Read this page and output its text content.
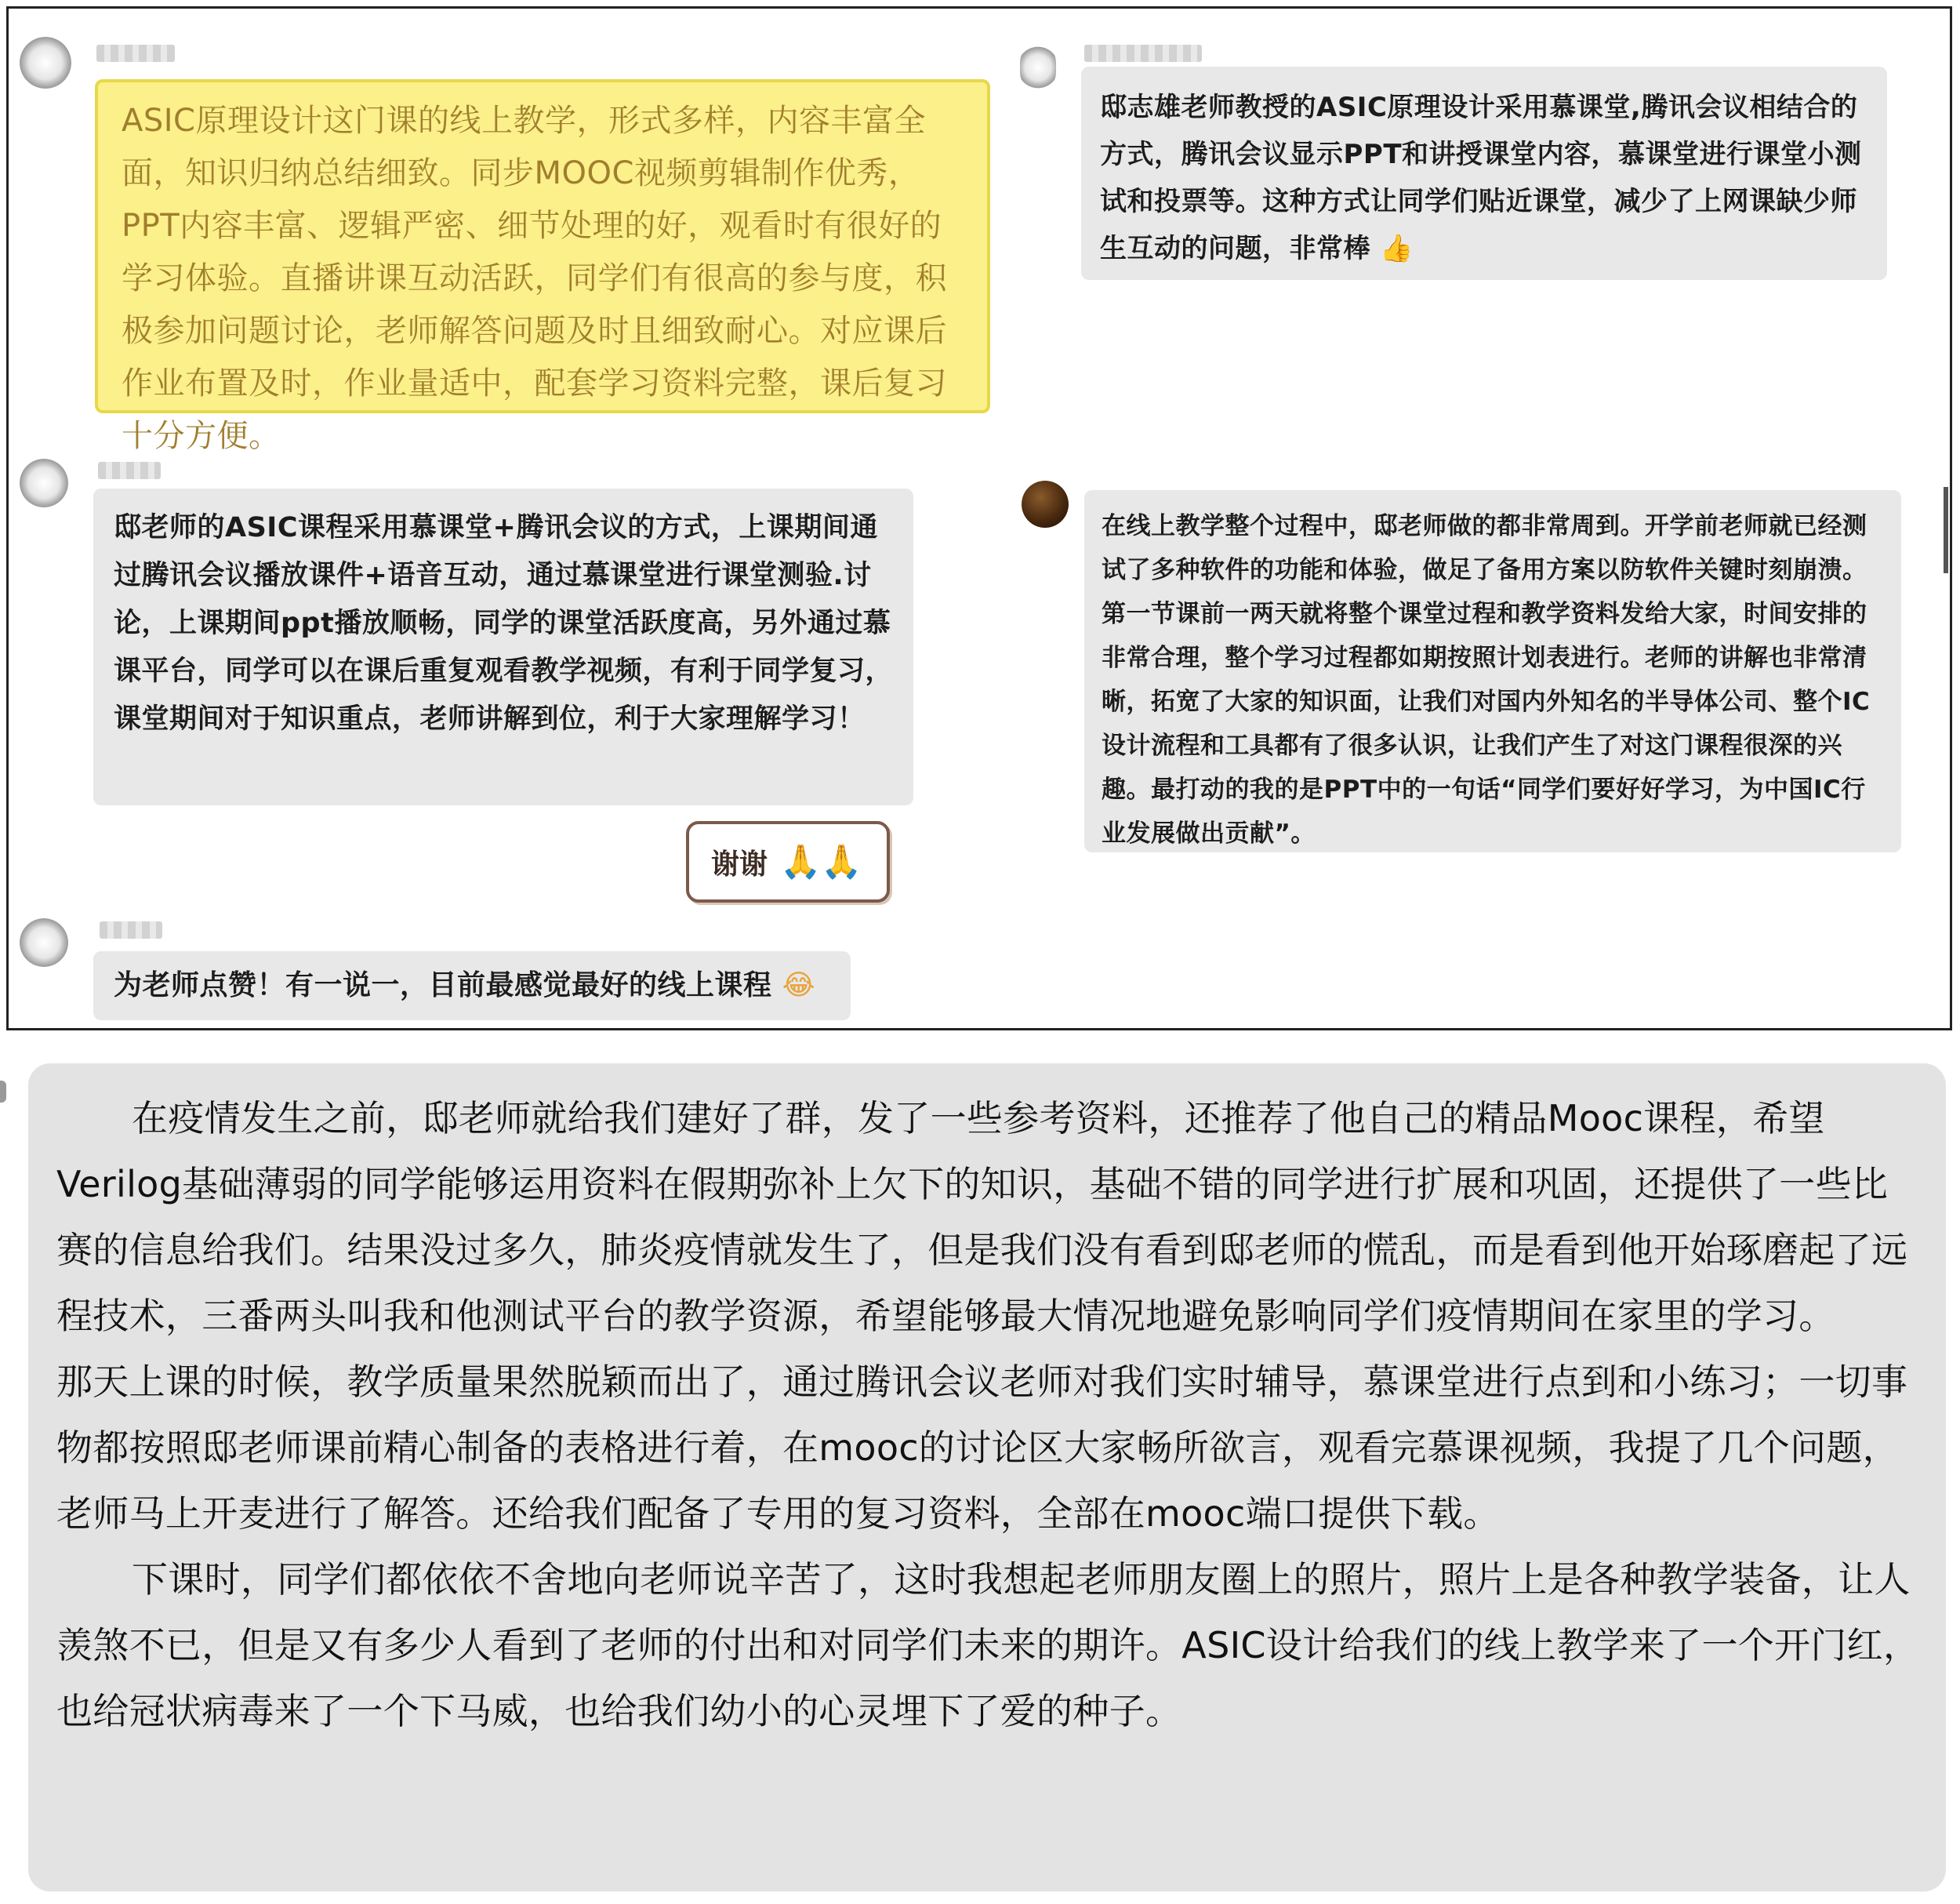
ASIC原理设计这门课的线上教学，形式多样，内容丰富全面，知识归纳总结细致。同步MOOC视频剪辑制作优秀，PPT内容丰富、逻辑严密、细节处理的好，观看时有很好的学习体验。直播讲课互动活跃，同学们有很高的参与度，积极参加问题讨论，老师解答问题及时且细致耐心。对应课后作业布置及时，作业量适中，配套学习资料完整，课后复习十分方便。
邸志雄老师教授的ASIC原理设计采用慕课堂,腾讯会议相结合的方式，腾讯会议显示PPT和讲授课堂内容，慕课堂进行课堂小测试和投票等。这种方式让同学们贴近课堂，减少了上网课缺少师生互动的问题，非常棒 👍
邸老师的ASIC课程采用慕课堂+腾讯会议的方式，上课期间通过腾讯会议播放课件+语音互动，通过慕课堂进行课堂测验.讨论，上课期间ppt播放顺畅，同学的课堂活跃度高，另外通过慕课平台，同学可以在课后重复观看教学视频，有利于同学复习，课堂期间对于知识重点，老师讲解到位，利于大家理解学习！
谢谢 🙏🙏
在线上教学整个过程中，邸老师做的都非常周到。开学前老师就已经测试了多种软件的功能和体验，做足了备用方案以防软件关键时刻崩溃。第一节课前一两天就将整个课堂过程和教学资料发给大家，时间安排的非常合理，整个学习过程都如期按照计划表进行。老师的讲解也非常清晰，拓宽了大家的知识面，让我们对国内外知名的半导体公司、整个IC设计流程和工具都有了很多认识，让我们产生了对这门课程很深的兴趣。最打动的我的是PPT中的一句话“同学们要好好学习，为中国IC行业发展做出贡献”。
为老师点赞！有一说一，目前最感觉最好的线上课程 😂

在疫情发生之前，邸老师就给我们建好了群，发了一些参考资料，还推荐了他自己的精品Mooc课程，希望Verilog基础薄弱的同学能够运用资料在假期弥补上欠下的知识，基础不错的同学进行扩展和巩固，还提供了一些比赛的信息给我们。结果没过多久，肺炎疫情就发生了，但是我们没有看到邸老师的慌乱，而是看到他开始琢磨起了远程技术，三番两头叫我和他测试平台的教学资源，希望能够最大情况地避免影响同学们疫情期间在家里的学习。

那天上课的时候，教学质量果然脱颖而出了，通过腾讯会议老师对我们实时辅导，慕课堂进行点到和小练习；一切事物都按照邸老师课前精心制备的表格进行着，在mooc的讨论区大家畅所欲言，观看完慕课视频，我提了几个问题，老师马上开麦进行了解答。还给我们配备了专用的复习资料，全部在mooc端口提供下载。

下课时，同学们都依依不舍地向老师说辛苦了，这时我想起老师朋友圈上的照片，照片上是各种教学装备，让人羡煞不已，但是又有多少人看到了老师的付出和对同学们未来的期许。ASIC设计给我们的线上教学来了一个开门红，也给冠状病毒来了一个下马威，也给我们幼小的心灵埋下了爱的种子。
